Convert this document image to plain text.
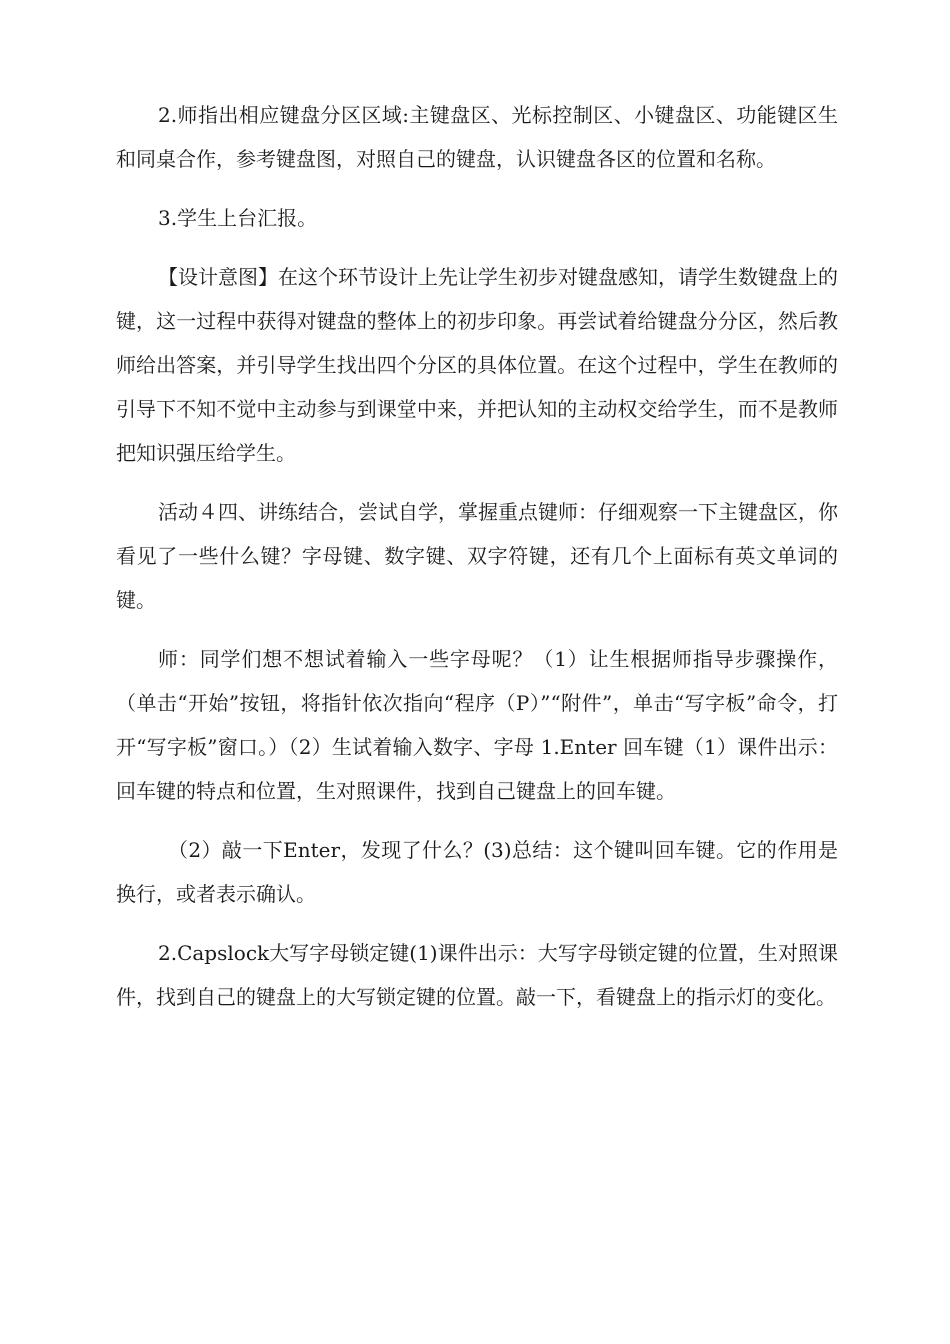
2.师指出相应键盘分区区域:主键盘区、光标控制区、小键盘区、功能键区生和同桌合作，参考键盘图，对照自己的键盘，认识键盘各区的位置和名称。

3.学生上台汇报。

【设计意图】在这个环节设计上先让学生初步对键盘感知，请学生数键盘上的键，这一过程中获得对键盘的整体上的初步印象。再尝试着给键盘分分区，然后教师给出答案，并引导学生找出四个分区的具体位置。在这个过程中，学生在教师的引导下不知不觉中主动参与到课堂中来，并把认知的主动权交给学生，而不是教师把知识强压给学生。

活动４四、讲练结合，尝试自学，掌握重点键师：仔细观察一下主键盘区，你看见了一些什么键？字母键、数字键、双字符键，还有几个上面标有英文单词的键。

师：同学们想不想试着输入一些字母呢？（1）让生根据师指导步骤操作，（单击“开始”按钮，将指针依次指向“程序（P）”“附件”，单击“写字板”命令，打开“写字板”窗口。）（2）生试着输入数字、字母 1.Enter 回车键（1）课件出示：回车键的特点和位置，生对照课件，找到自己键盘上的回车键。

（2）敲一下Enter，发现了什么？(3)总结：这个键叫回车键。它的作用是换行，或者表示确认。

2.Capslock大写字母锁定键(1)课件出示：大写字母锁定键的位置，生对照课件，找到自己的键盘上的大写锁定键的位置。敲一下，看键盘上的指示灯的变化。
